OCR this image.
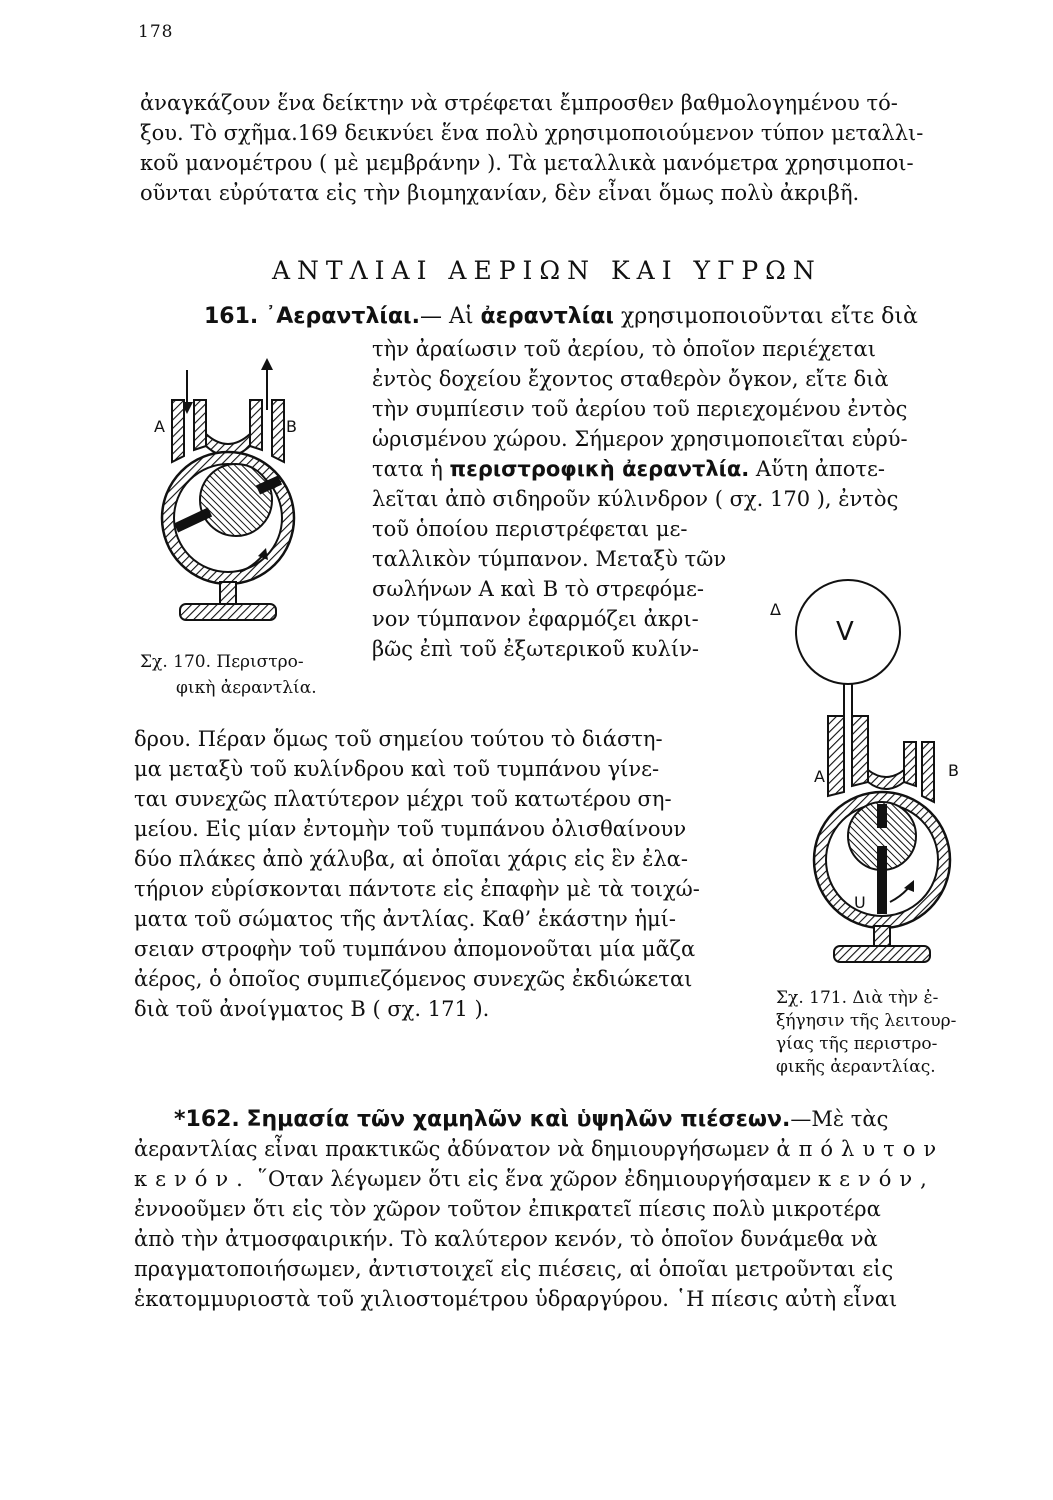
178
ἀναγκάζουν ἕνα δείκτην νὰ στρέφεται ἔμπροσθεν βαθμολογημένου τό-
ξου. Τὸ σχῆμα.169 δεικνύει ἕνα πολὺ χρησιμοποιούμενον τύπον μεταλλι-
κοῦ μανομέτρου ( μὲ μεμβράνην ). Τὰ μεταλλικὰ μανόμετρα χρησιμοποι-
οῦνται εὐρύτατα εἰς τὴν βιομηχανίαν, δὲν εἶναι ὅμως πολὺ ἀκριβῆ.
ΑΝΤΛΙΑΙ ΑΕΡΙΩΝ ΚΑΙ ΥΓΡΩΝ
161. ᾿Αεραντλίαι.— Αἱ ἀεραντλίαι χρησιμοποιοῦνται εἴτε διὰ
τὴν ἀραίωσιν τοῦ ἀερίου, τὸ ὁποῖον περιέχεται
ἐντὸς δοχείου ἔχοντος σταθερὸν ὄγκον, εἴτε διὰ
τὴν συμπίεσιν τοῦ ἀερίου τοῦ περιεχομένου ἐντὸς
ὡρισμένου χώρου. Σήμερον χρησιμοποιεῖται εὐρύ-
τατα ἡ περιστροφικὴ ἀεραντλία. Αὕτη ἀποτε-
λεῖται ἀπὸ σιδηροῦν κύλινδρον ( σχ. 170 ), ἐντὸς
τοῦ ὁποίου περιστρέφεται με-
ταλλικὸν τύμπανον. Μεταξὺ τῶν
σωλήνων Α καὶ Β τὸ στρεφόμε-
νον τύμπανον ἐφαρμόζει ἀκρι-
βῶς ἐπὶ τοῦ ἐξωτερικοῦ κυλίν-
δρου. Πέραν ὅμως τοῦ σημείου τούτου τὸ διάστη-
μα μεταξὺ τοῦ κυλίνδρου καὶ τοῦ τυμπάνου γίνε-
ται συνεχῶς πλατύτερον μέχρι τοῦ κατωτέρου ση-
μείου. Εἰς μίαν ἐντομὴν τοῦ τυμπάνου ὀλισθαίνουν
δύο πλάκες ἀπὸ χάλυβα, αἱ ὁποῖαι χάρις εἰς ἓν ἐλα-
τήριον εὑρίσκονται πάντοτε εἰς ἐπαφὴν μὲ τὰ τοιχώ-
ματα τοῦ σώματος τῆς ἀντλίας. Καθ’ ἑκάστην ἡμί-
σειαν στροφὴν τοῦ τυμπάνου ἀπομονοῦται μία μᾶζα
ἀέρος, ὁ ὁποῖος συμπιεζόμενος συνεχῶς ἐκδιώκεται
διὰ τοῦ ἀνοίγματος Β ( σχ. 171 ).
A	B
Σχ. 170. Περιστρο-
φικὴ ἀεραντλία.
Δ
V
A	B
U
Σχ. 171. Διὰ τὴν ἐ-
ξήγησιν τῆς λειτουρ-
γίας τῆς περιστρο-
φικῆς ἀεραντλίας.
*162. Σημασία τῶν χαμηλῶν καὶ ὑψηλῶν πιέσεων.—Μὲ τὰς
ἀεραντλίας εἶναι πρακτικῶς ἀδύνατον νὰ δημιουργήσωμεν ἀπόλυτον
κενόν. ῞Οταν λέγωμεν ὅτι εἰς ἕνα χῶρον ἐδημιουργήσαμεν κενόν,
ἐννοοῦμεν ὅτι εἰς τὸν χῶρον τοῦτον ἐπικρατεῖ πίεσις πολὺ μικροτέρα
ἀπὸ τὴν ἀτμοσφαιρικήν. Τὸ καλύτερον κενόν, τὸ ὁποῖον δυνάμεθα νὰ
πραγματοποιήσωμεν, ἀντιστοιχεῖ εἰς πιέσεις, αἱ ὁποῖαι μετροῦνται εἰς
ἑκατομμυριοστὰ τοῦ χιλιοστομέτρου ὑδραργύρου. ῾Η πίεσις αὐτὴ εἶναι
